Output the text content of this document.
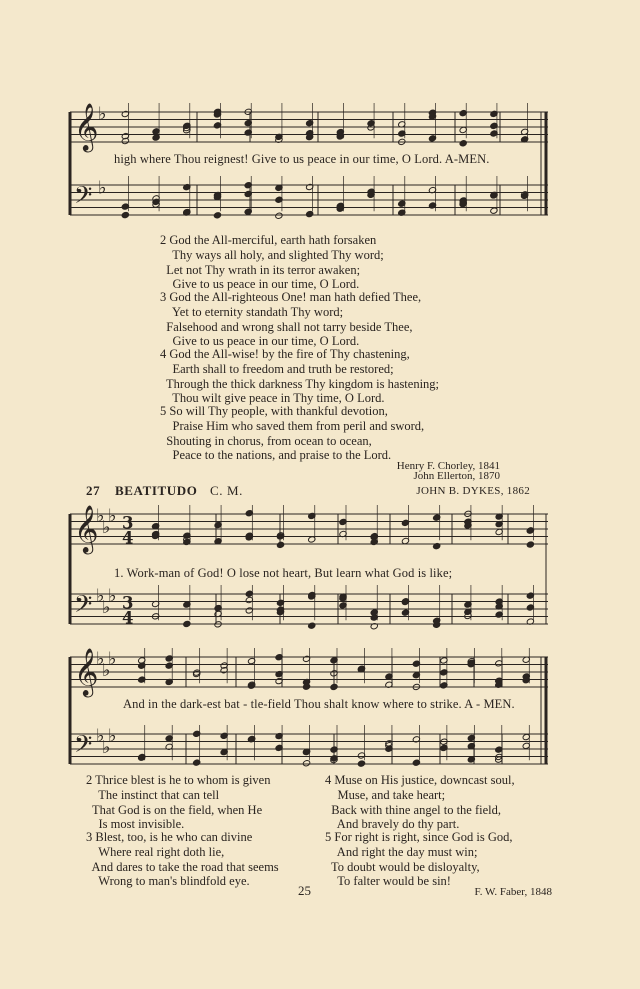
𝄞
𝄢
♭
♭
𝄞
𝄢
♭
♭
♭
♭
♭
♭
3
4
3
4
𝄞
𝄢
♭
♭
♭
♭
♭
♭
high where Thou reignest! Give to us peace in our time, O Lord. A-MEN.
2 God the All-merciful, earth hath forsaken
Thy ways all holy, and slighted Thy word;
Let not Thy wrath in its terror awaken;
Give to us peace in our time, O Lord.
3 God the All-righteous One! man hath defied Thee,
Yet to eternity standath Thy word;
Falsehood and wrong shall not tarry beside Thee,
Give to us peace in our time, O Lord.
4 God the All-wise! by the fire of Thy chastening,
Earth shall to freedom and truth be restored;
Through the thick darkness Thy kingdom is hastening;
Thou wilt give peace in Thy time, O Lord.
5 So will Thy people, with thankful devotion,
Praise Him who saved them from peril and sword,
Shouting in chorus, from ocean to ocean,
Peace to the nations, and praise to the Lord.
Henry F. Chorley, 1841
John Ellerton, 1870
27 BEATITUDO C. M.	JOHN B. DYKES, 1862
1. Work-man of God! O lose not heart, But learn what God is like;
And in the dark-est bat - tle-field Thou shalt know where to strike. A - MEN.
2 Thrice blest is he to whom is given
The instinct that can tell
That God is on the field, when He
Is most invisible.
3 Blest, too, is he who can divine
Where real right doth lie,
And dares to take the road that seems
Wrong to man's blindfold eye.
4 Muse on His justice, downcast soul,
Muse, and take heart;
Back with thine angel to the field,
And bravely do thy part.
5 For right is right, since God is God,
And right the day must win;
To doubt would be disloyalty,
To falter would be sin!
25	F. W. Faber, 1848
